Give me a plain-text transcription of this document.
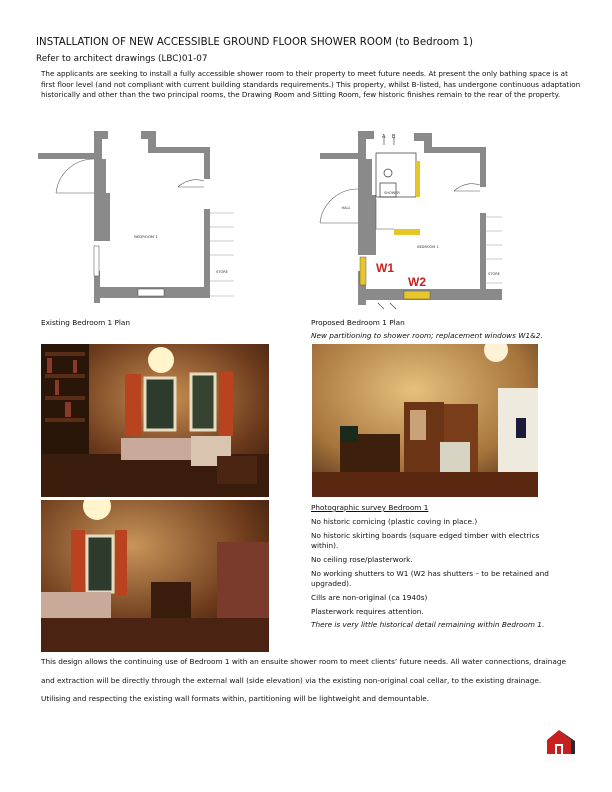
INSTALLATION OF NEW ACCESSIBLE GROUND FLOOR SHOWER ROOM (to Bedroom 1)
Refer to architect drawings (LBC)01-07
The applicants are seeking to install a fully accessible shower room to their property to meet future needs. At present the only bathing space is at first floor level (and not compliant with current building standards requirements.) This property, whilst B-listed, has undergone continuous adaptation historically and other than the two principal rooms, the Drawing Room and Sitting Room, few historic finishes remain to the rear of the property.
BEDROOM 1
STORE
Existing Bedroom 1 Plan
A B
SHOWER
BEDROOM 1
HALL
STORE
W1
W2
Proposed Bedroom 1 Plan
New partitioning to shower room; replacement windows W1&2.

Photographic survey Bedroom 1

No historic cornicing (plastic coving in place.)

No historic skirting boards (square edged timber with electrics within).

No ceiling rose/plasterwork.

No working shutters to W1 (W2 has shutters – to be retained and upgraded).

Cills are non-original (ca 1940s)

Plasterwork requires attention.

There is very little historical detail remaining within Bedroom 1.

This design allows the continuing use of Bedroom 1 with an ensuite shower room to meet clients’ future needs. All water connections, drainage and extraction will be directly through the external wall (side elevation) via the existing non-original coal cellar, to the existing drainage. Utilising and respecting the existing wall formats within, partitioning will be lightweight and demountable.
